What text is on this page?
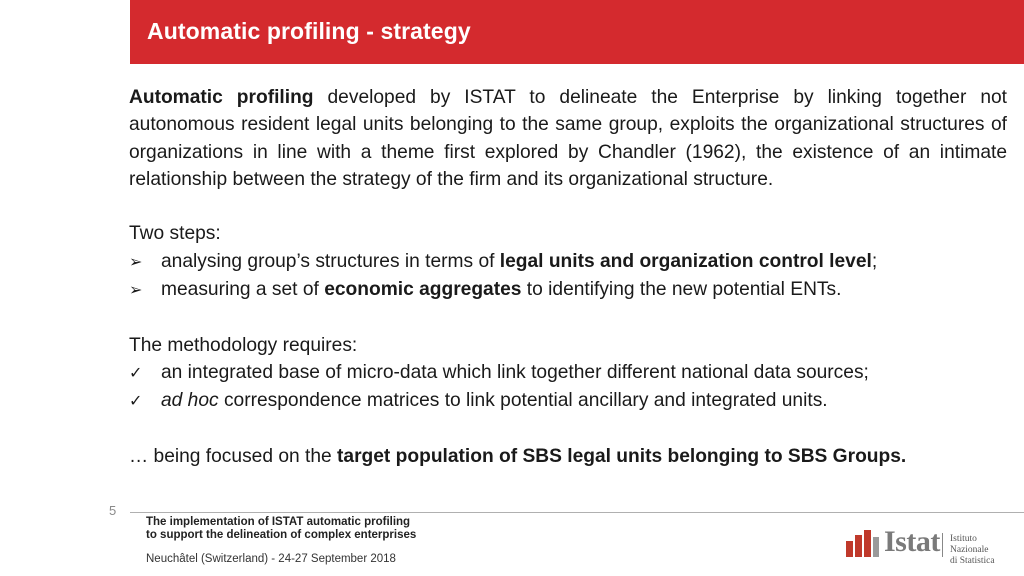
Automatic profiling - strategy

Automatic profiling developed by ISTAT to delineate the Enterprise by linking together not autonomous resident legal units belonging to the same group, exploits the organizational structures of organizations in line with a theme first explored by Chandler (1962), the existence of an intimate relationship between the strategy of the firm and its organizational structure.

Two steps:

➢ analysing group’s structures in terms of legal units and organization control level;

➢ measuring a set of economic aggregates to identifying the new potential ENTs.

The methodology requires:

✓ an integrated base of micro-data which link together different national data sources;

✓ ad hoc correspondence matrices to link potential ancillary and integrated units.

… being focused on the target population of SBS legal units belonging to SBS Groups.

5
The implementation of ISTAT automatic profiling
to support the delineation of complex enterprises
Neuchâtel (Switzerland) - 24-27 September 2018
Istat Istituto Nazionale
di Statistica
